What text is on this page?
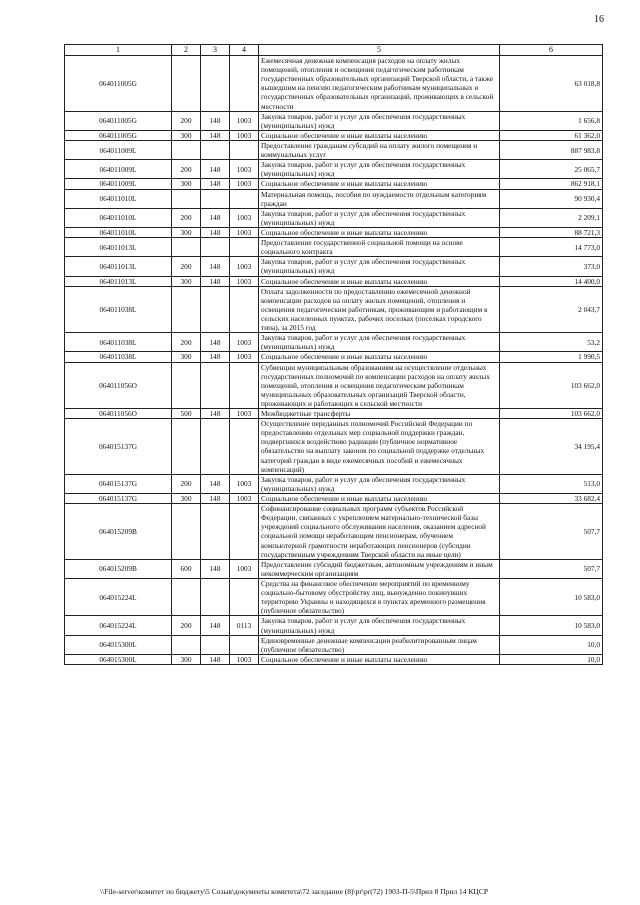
16
1	2	3	4	5	6
064011005G				Ежемесячная денежная компенсация расходов на оплату жилых помещений, отопления и освещения педагогическим работникам государственных образовательных организаций Тверской области, а также вышедшим на пенсию педагогическим работникам муниципальных и государственных образовательных организаций, проживающих в сельской местности	63 018,8
064011005G	200	148	1003	Закупка товаров, работ и услуг для обеспечения государственных (муниципальных) нужд	1 656,8
064011005G	300	148	1003	Социальное обеспечение и иные выплаты населению	61 362,0
064011009L				Предоставление гражданам субсидий на оплату жилого помещения и коммунальных услуг	887 983,8
064011009L	200	148	1003	Закупка товаров, работ и услуг для обеспечения государственных (муниципальных) нужд	25 065,7
064011009L	300	148	1003	Социальное обеспечение и иные выплаты населению	862 918,1
064011010L				Материальная помощь, пособия по нуждаемости отдельным категориям граждан	90 930,4
064011010L	200	148	1003	Закупка товаров, работ и услуг для обеспечения государственных (муниципальных) нужд	2 209,1
064011010L	300	148	1003	Социальное обеспечение и иные выплаты населению	88 721,3
064011013L				Предоставление государственной социальной помощи на основе социального контракта	14 773,0
064011013L	200	148	1003	Закупка товаров, работ и услуг для обеспечения государственных (муниципальных) нужд	373,0
064011013L	300	148	1003	Социальное обеспечение и иные выплаты населению	14 400,0
064011038L				Оплата задолженности по предоставлению ежемесячной денежной компенсации расходов на оплату жилых помещений, отопления и освещения педагогическим работникам, проживающим и работающим в сельских населенных пунктах, рабочих поселках (поселках городского типа), за 2015 год	2 043,7
064011038L	200	148	1003	Закупка товаров, работ и услуг для обеспечения государственных (муниципальных) нужд	53,2
064011038L	300	148	1003	Социальное обеспечение и иные выплаты населению	1 990,5
064011056O				Субвенции муниципальным образованиям на осуществление отдельных государственных полномочий по компенсации расходов на оплату жилых помещений, отопления и освещения педагогическим работникам муниципальных образовательных организаций Тверской области, проживающих и работающих в сельской местности	103 662,0
064011056O	500	148	1003	Межбюджетные трансферты	103 662,0
064015137G				Осуществление переданных полномочий Российской Федерации по предоставлению отдельных мер социальной поддержки граждан, подвергшихся воздействию радиации (публичное нормативное обязательство на выплату законов по социальной поддержке отдельных категорий граждан в виде ежемесячных пособий и ежемесячных компенсаций)	34 195,4
064015137G	200	148	1003	Закупка товаров, работ и услуг для обеспечения государственных (муниципальных) нужд	513,0
064015137G	300	148	1003	Социальное обеспечение и иные выплаты населению	33 682,4
064015209B				Софинансирование социальных программ субъектов Российской Федерации, связанных с укреплением материально-технической базы учреждений социального обслуживания населения, оказанием адресной социальной помощи неработающим пенсионерам, обучением компьютерной грамотности неработающих пенсионеров (субсидии государственным учреждениям Тверской области на иные цели)	507,7
064015209B	600	148	1003	Предоставление субсидий бюджетным, автономным учреждениям и иным некоммерческим организациям	507,7
064015224L				Средства на финансовое обеспечение мероприятий по временному социально-бытовому обустройству лиц, вынужденно покинувших территорию Украины и находящихся в пунктах временного размещения (публичное обязательство)	10 583,0
064015224L	200	148	0113	Закупка товаров, работ и услуг для обеспечения государственных (муниципальных) нужд	10 583,0
064015300L				Единовременные денежные компенсации реабилитированным лицам (публичное обязательство)	10,0
064015300L	300	148	1003	Социальное обеспечение и иные выплаты населению	10,0
\\File-server\комитет по бюджету\5 Созыв\документы комитета\72 заседание (8)\pr\pr(72) 1903-П-5\Прил 8 Прил 14 КЦСР
